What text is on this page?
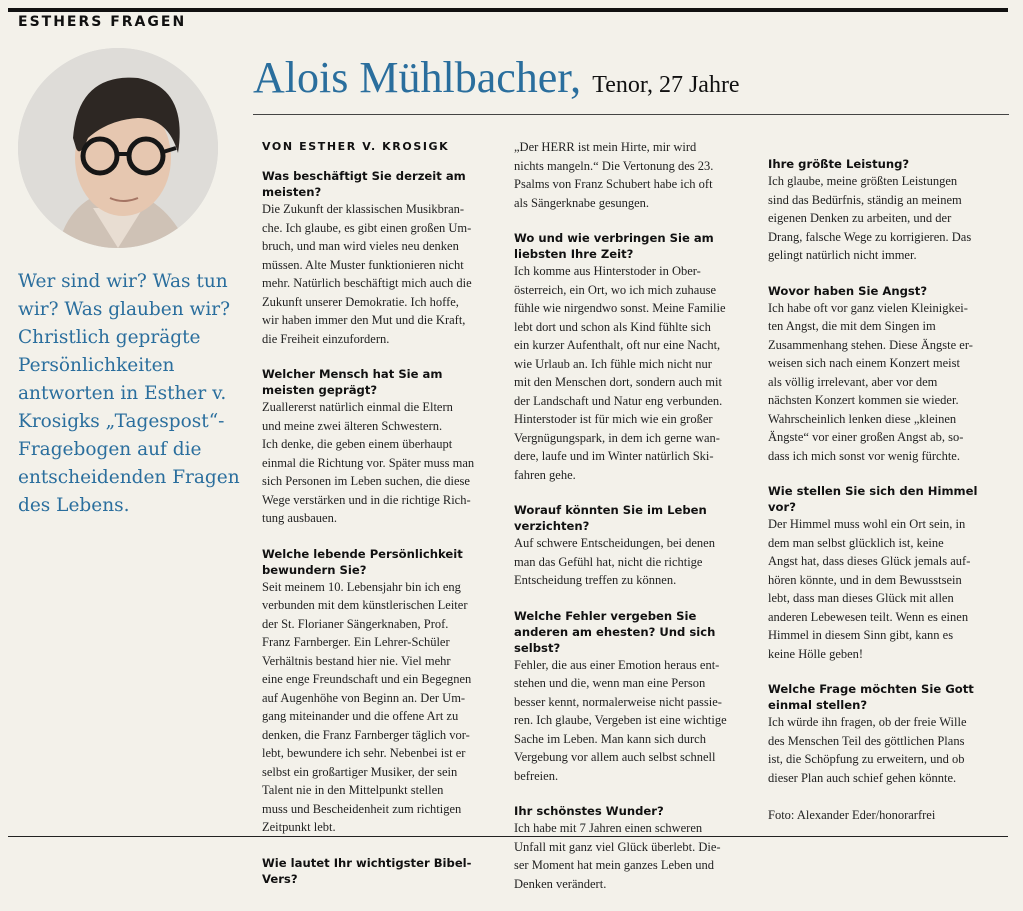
ESTHERS FRAGEN
Wer sind wir? Was tun wir? Was glauben wir? Christlich geprägte Persönlichkeiten antworten in Esther v. Krosigks „Tagespost“-Fragebogen auf die entscheidenden Fragen des Lebens.
Alois Mühlbacher, Tenor, 27 Jahre
VON ESTHER V. KROSIGK

Was beschäftigt Sie derzeit am meisten?

Die Zukunft der klassischen Musikbran-
che. Ich glaube, es gibt einen großen Um-
bruch, und man wird vieles neu denken
müssen. Alte Muster funktionieren nicht
mehr. Natürlich beschäftigt mich auch die
Zukunft unserer Demokratie. Ich hoffe,
wir haben immer den Mut und die Kraft,
die Freiheit einzufordern.

Welcher Mensch hat Sie am meisten geprägt?

Zuallererst natürlich einmal die Eltern
und meine zwei älteren Schwestern.
Ich denke, die geben einem überhaupt
einmal die Richtung vor. Später muss man
sich Personen im Leben suchen, die diese
Wege verstärken und in die richtige Rich-
tung ausbauen.

Welche lebende Persönlichkeit bewundern Sie?

Seit meinem 10. Lebensjahr bin ich eng
verbunden mit dem künstlerischen Leiter
der St. Florianer Sängerknaben, Prof.
Franz Farnberger. Ein Lehrer-Schüler
Verhältnis bestand hier nie. Viel mehr
eine enge Freundschaft und ein Begegnen
auf Augenhöhe von Beginn an. Der Um-
gang miteinander und die offene Art zu
denken, die Franz Farnberger täglich vor-
lebt, bewundere ich sehr. Nebenbei ist er
selbst ein großartiger Musiker, der sein
Talent nie in den Mittelpunkt stellen
muss und Bescheidenheit zum richtigen
Zeitpunkt lebt.

Wie lautet Ihr wichtigster Bibel-Vers?

„Der HERR ist mein Hirte, mir wird
nichts mangeln.“ Die Vertonung des 23.
Psalms von Franz Schubert habe ich oft
als Sängerknabe gesungen.

Wo und wie verbringen Sie am liebsten Ihre Zeit?

Ich komme aus Hinterstoder in Ober-
österreich, ein Ort, wo ich mich zuhause
fühle wie nirgendwo sonst. Meine Familie
lebt dort und schon als Kind fühlte sich
ein kurzer Aufenthalt, oft nur eine Nacht,
wie Urlaub an. Ich fühle mich nicht nur
mit den Menschen dort, sondern auch mit
der Landschaft und Natur eng verbunden.
Hinterstoder ist für mich wie ein großer
Vergnügungspark, in dem ich gerne wan-
dere, laufe und im Winter natürlich Ski-
fahren gehe.

Worauf könnten Sie im Leben verzichten?

Auf schwere Entscheidungen, bei denen
man das Gefühl hat, nicht die richtige
Entscheidung treffen zu können.

Welche Fehler vergeben Sie anderen am ehesten? Und sich selbst?

Fehler, die aus einer Emotion heraus ent-
stehen und die, wenn man eine Person
besser kennt, normalerweise nicht passie-
ren. Ich glaube, Vergeben ist eine wichtige
Sache im Leben. Man kann sich durch
Vergebung vor allem auch selbst schnell
befreien.

Ihr schönstes Wunder?

Ich habe mit 7 Jahren einen schweren
Unfall mit ganz viel Glück überlebt. Die-
ser Moment hat mein ganzes Leben und
Denken verändert.

Ihre größte Leistung?

Ich glaube, meine größten Leistungen
sind das Bedürfnis, ständig an meinem
eigenen Denken zu arbeiten, und der
Drang, falsche Wege zu korrigieren. Das
gelingt natürlich nicht immer.

Wovor haben Sie Angst?

Ich habe oft vor ganz vielen Kleinigkei-
ten Angst, die mit dem Singen im
Zusammenhang stehen. Diese Ängste er-
weisen sich nach einem Konzert meist
als völlig irrelevant, aber vor dem
nächsten Konzert kommen sie wieder.
Wahrscheinlich lenken diese „kleinen
Ängste“ vor einer großen Angst ab, so-
dass ich mich sonst vor wenig fürchte.

Wie stellen Sie sich den Himmel vor?

Der Himmel muss wohl ein Ort sein, in
dem man selbst glücklich ist, keine
Angst hat, dass dieses Glück jemals auf-
hören könnte, und in dem Bewusstsein
lebt, dass man dieses Glück mit allen
anderen Lebewesen teilt. Wenn es einen
Himmel in diesem Sinn gibt, kann es
keine Hölle geben!

Welche Frage möchten Sie Gott einmal stellen?

Ich würde ihn fragen, ob der freie Wille
des Menschen Teil des göttlichen Plans
ist, die Schöpfung zu erweitern, und ob
dieser Plan auch schief gehen könnte.

Foto: Alexander Eder/honorarfrei
